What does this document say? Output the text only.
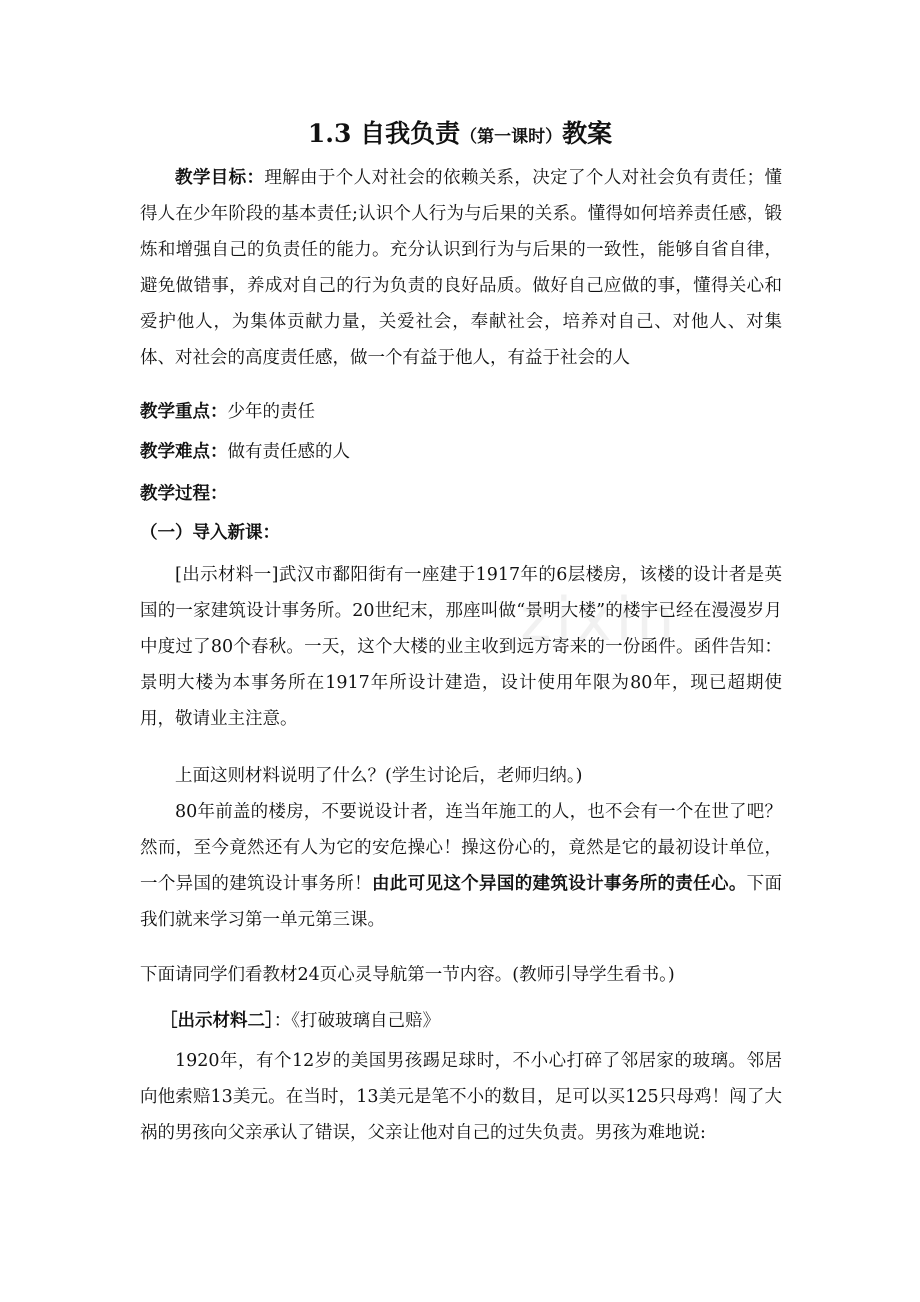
zixin
1.3 自我负责（第一课时）教案

教学目标：理解由于个人对社会的依赖关系，决定了个人对社会负有责任；懂得人在少年阶段的基本责任;认识个人行为与后果的关系。懂得如何培养责任感，锻炼和增强自己的负责任的能力。充分认识到行为与后果的一致性，能够自省自律，避免做错事，养成对自己的行为负责的良好品质。做好自己应做的事，懂得关心和爱护他人，为集体贡献力量，关爱社会，奉献社会，培养对自己、对他人、对集体、对社会的高度责任感，做一个有益于他人，有益于社会的人

教学重点：少年的责任

教学难点：做有责任感的人

教学过程：

（一）导入新课：

[出示材料一]武汉市鄱阳街有一座建于1917年的6层楼房，该楼的设计者是英国的一家建筑设计事务所。20世纪末，那座叫做“景明大楼”的楼宇已经在漫漫岁月中度过了80个春秋。一天，这个大楼的业主收到远方寄来的一份函件。函件告知：景明大楼为本事务所在1917年所设计建造，设计使用年限为80年，现已超期使用，敬请业主注意。

上面这则材料说明了什么？(学生讨论后，老师归纳。)

80年前盖的楼房，不要说设计者，连当年施工的人，也不会有一个在世了吧？然而，至今竟然还有人为它的安危操心！操这份心的，竟然是它的最初设计单位，一个异国的建筑设计事务所！由此可见这个异国的建筑设计事务所的责任心。下面我们就来学习第一单元第三课。

下面请同学们看教材24页心灵导航第一节内容。(教师引导学生看书。)

［出示材料二］：《打破玻璃自己赔》

1920年，有个12岁的美国男孩踢足球时，不小心打碎了邻居家的玻璃。邻居向他索赔13美元。在当时，13美元是笔不小的数目，足可以买125只母鸡！闯了大祸的男孩向父亲承认了错误，父亲让他对自己的过失负责。男孩为难地说:
